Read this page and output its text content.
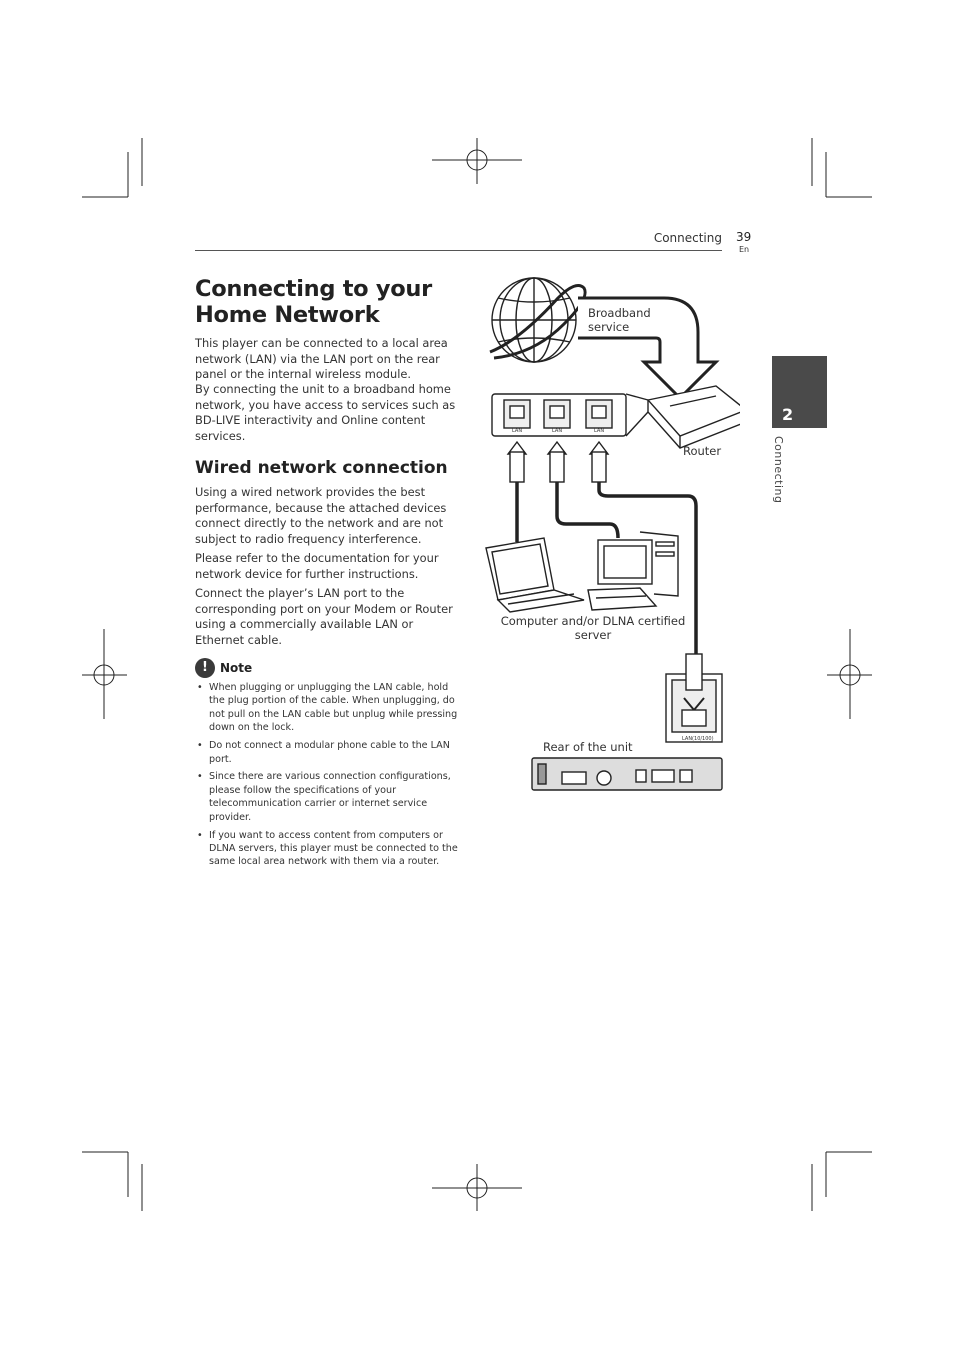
Connecting 39
En
2
Connecting
Connecting to your Home Network

This player can be connected to a local area network (LAN) via the LAN port on the rear panel or the internal wireless module.

By connecting the unit to a broadband home network, you have access to services such as BD-LIVE interactivity and Online content services.

Wired network connection

Using a wired network provides the best performance, because the attached devices connect directly to the network and are not subject to radio frequency interference.

Please refer to the documentation for your network device for further instructions.

Connect the player’s LAN port to the corresponding port on your Modem or Router using a commercially available LAN or Ethernet cable.

!	Note
• When plugging or unplugging the LAN cable, hold the plug portion of the cable. When unplugging, do not pull on the LAN cable but unplug while pressing down on the lock.
• Do not connect a modular phone cable to the LAN port.
• Since there are various connection configurations, please follow the specifications of your telecommunication carrier or internet service provider.
• If you want to access content from computers or DLNA servers, this player must be connected to the same local area network with them via a router.
Broadband service
Router
Computer and/or DLNA certified server
Rear of the unit
LAN	LAN	LAN
LAN(10/100)
